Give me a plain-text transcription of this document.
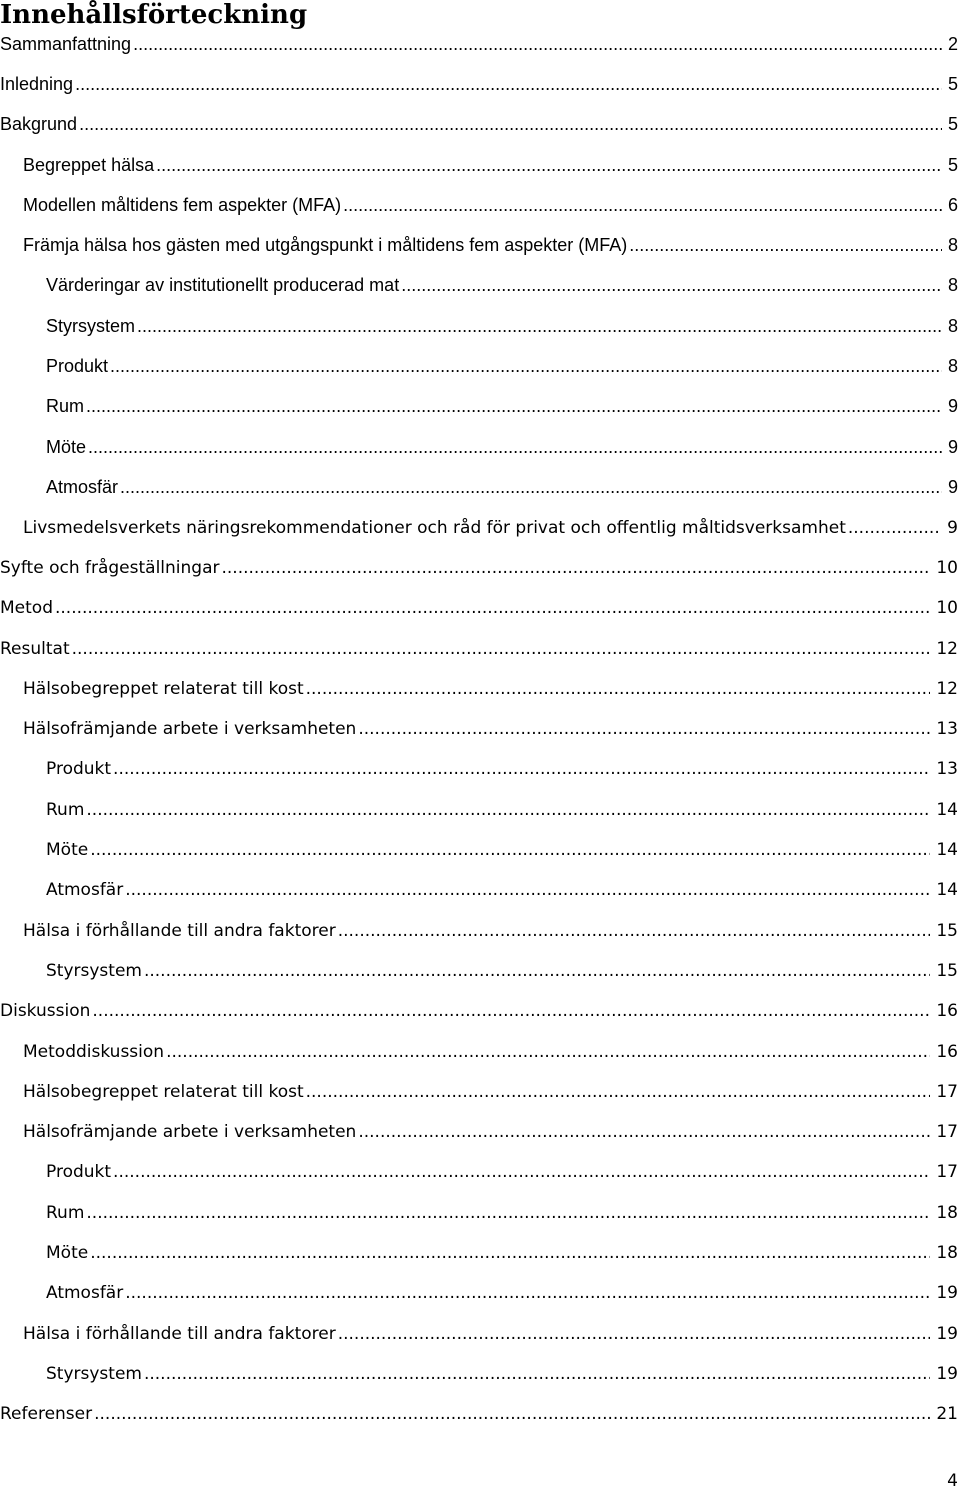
Innehållsförteckning
Sammanfattning .....	2
Inledning .....	5
Bakgrund .....	5
Begreppet hälsa .....	5
Modellen måltidens fem aspekter (MFA) .....	6
Främja hälsa hos gästen med utgångspunkt i måltidens fem aspekter (MFA) .....	8
Värderingar av institutionellt producerad mat .....	8
Styrsystem .....	8
Produkt .....	8
Rum .....	9
Möte .....	9
Atmosfär .....	9
Livsmedelsverkets näringsrekommendationer och råd för privat och offentlig måltidsverksamhet .....	9
Syfte och frågeställningar .....	10
Metod .....	10
Resultat .....	12
Hälsobegreppet relaterat till kost .....	12
Hälsofrämjande arbete i verksamheten .....	13
Produkt .....	13
Rum .....	14
Möte .....	14
Atmosfär .....	14
Hälsa i förhållande till andra faktorer .....	15
Styrsystem .....	15
Diskussion .....	16
Metoddiskussion .....	16
Hälsobegreppet relaterat till kost .....	17
Hälsofrämjande arbete i verksamheten .....	17
Produkt .....	17
Rum .....	18
Möte .....	18
Atmosfär .....	19
Hälsa i förhållande till andra faktorer .....	19
Styrsystem .....	19
Referenser .....	21
4
